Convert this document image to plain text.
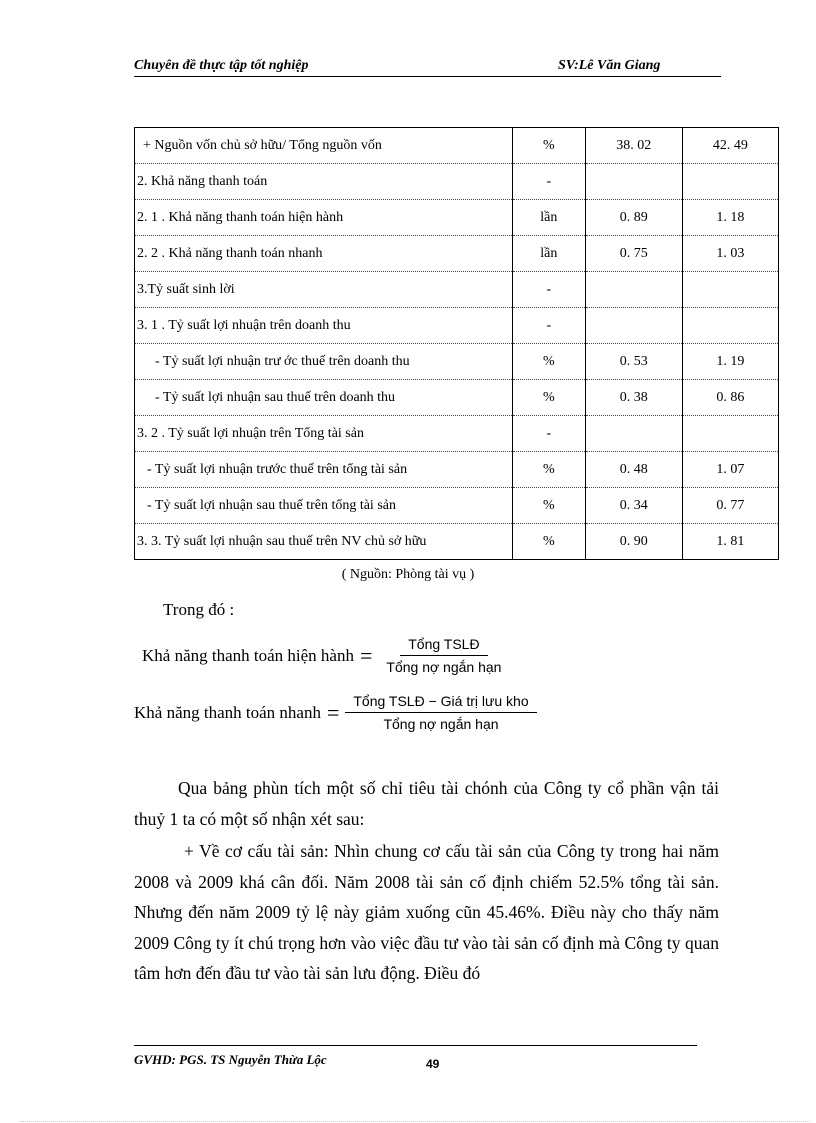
Chuyên đề thực tập tốt nghiệp	SV:Lê Văn Giang
+ Nguồn vốn chủ sở hữu/ Tổng nguồn vốn	%	38. 02	42. 49
2. Khả năng thanh toán	-		
2. 1 . Khả năng thanh toán hiện hành	lần	0. 89	1. 18
2. 2 . Khả năng thanh toán nhanh	lần	0. 75	1. 03
3.Tỷ suất sinh lời	-		
3. 1 . Tỷ suất lợi nhuận trên doanh thu	-		
- Tỷ suất lợi nhuận trư ớc thuế trên doanh thu	%	0. 53	1. 19
- Tỷ suất lợi nhuận sau thuế trên doanh thu	%	0. 38	0. 86
3. 2 . Tỷ suất lợi nhuận trên Tổng tài sản	-		
- Tỷ suất lợi nhuận trước thuế trên tổng tài sản	%	0. 48	1. 07
- Tỷ suất lợi nhuận sau thuế trên tổng tài sản	%	0. 34	0. 77
3. 3. Tỷ suất lợi nhuận sau thuế trên NV chủ sở hữu	%	0. 90	1. 81
( Nguồn: Phòng tài vụ )
Trong đó :
Khả năng thanh toán hiện hành = $\frac{\text{Tổng TSLĐ}}{\text{Tổng nợ ngắn hạn}}$
Khả năng thanh toán nhanh = $\frac{\text{Tổng TSLĐ − Giá trị lưu kho}}{\text{Tổng nợ ngắn hạn}}$

Qua bảng phùn tích một số chỉ tiêu tài chónh của Công ty cổ phần vận tải thuỷ 1 ta có một số nhận xét sau:

+ Về cơ cấu tài sản: Nhìn chung cơ cấu tài sản của Công ty trong hai năm 2008 và 2009 khá cân đối. Năm 2008 tài sản cố định chiếm 52.5% tổng tài sản. Nhưng đến năm 2009 tỷ lệ này giảm xuống cũn 45.46%. Điều này cho thấy năm 2009 Công ty ít chú trọng hơn vào việc đầu tư vào tài sản cố định mà Công ty quan tâm hơn đến đầu tư vào tài sản lưu động. Điều đó

GVHD: PGS. TS Nguyễn Thừa Lộc	49
